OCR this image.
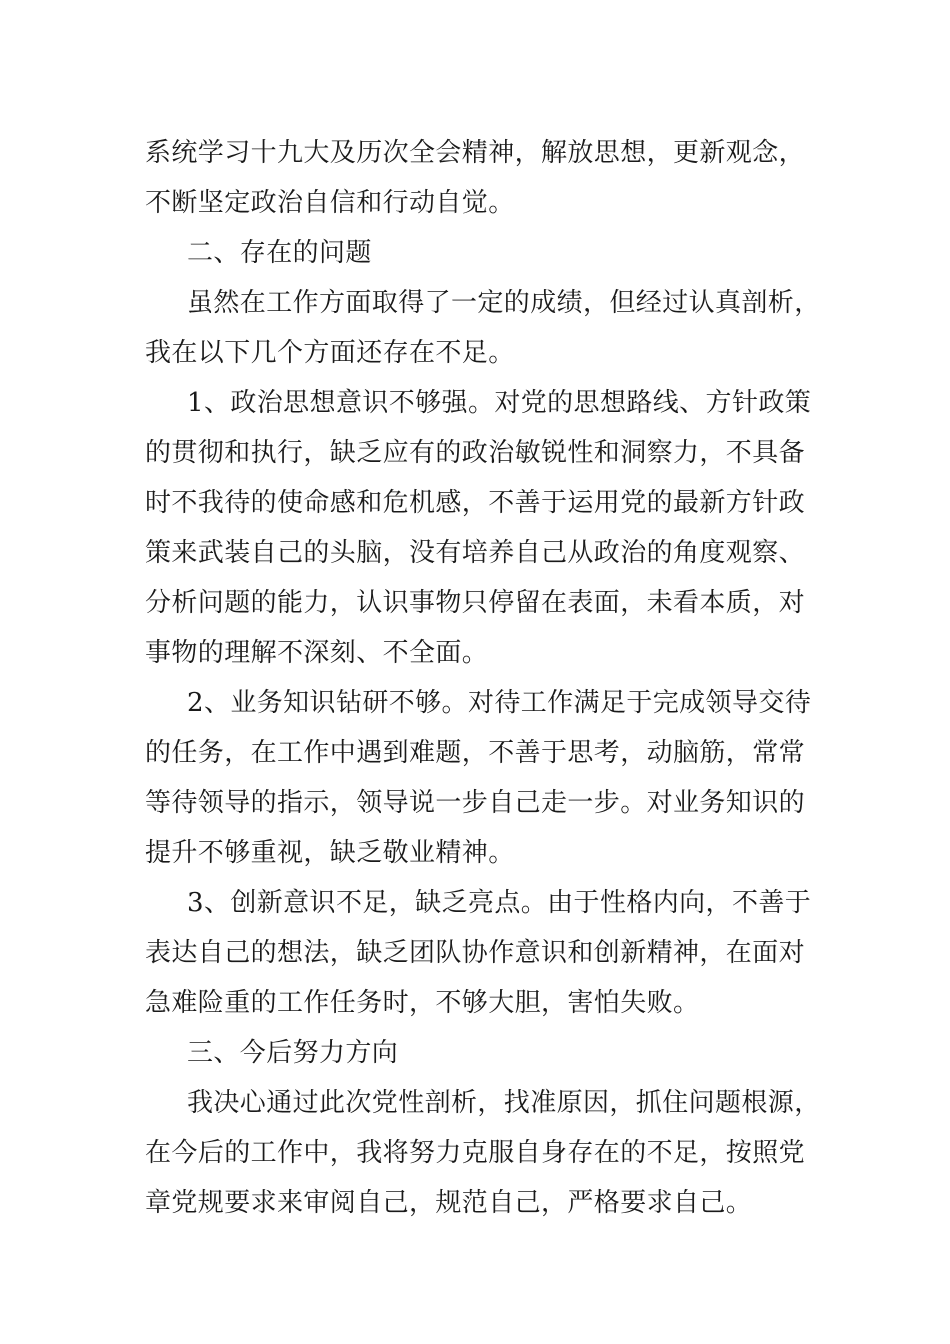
系统学习十九大及历次全会精神，解放思想，更新观念，
不断坚定政治自信和行动自觉。
二、存在的问题
虽然在工作方面取得了一定的成绩，但经过认真剖析，
我在以下几个方面还存在不足。
1、政治思想意识不够强。对党的思想路线、方针政策
的贯彻和执行，缺乏应有的政治敏锐性和洞察力，不具备
时不我待的使命感和危机感，不善于运用党的最新方针政
策来武装自己的头脑，没有培养自己从政治的角度观察、
分析问题的能力，认识事物只停留在表面，未看本质，对
事物的理解不深刻、不全面。
2、业务知识钻研不够。对待工作满足于完成领导交待
的任务，在工作中遇到难题，不善于思考，动脑筋，常常
等待领导的指示，领导说一步自己走一步。对业务知识的
提升不够重视，缺乏敬业精神。
3、创新意识不足，缺乏亮点。由于性格内向，不善于
表达自己的想法，缺乏团队协作意识和创新精神，在面对
急难险重的工作任务时，不够大胆，害怕失败。
三、今后努力方向
我决心通过此次党性剖析，找准原因，抓住问题根源，
在今后的工作中，我将努力克服自身存在的不足，按照党
章党规要求来审阅自己，规范自己，严格要求自己。
